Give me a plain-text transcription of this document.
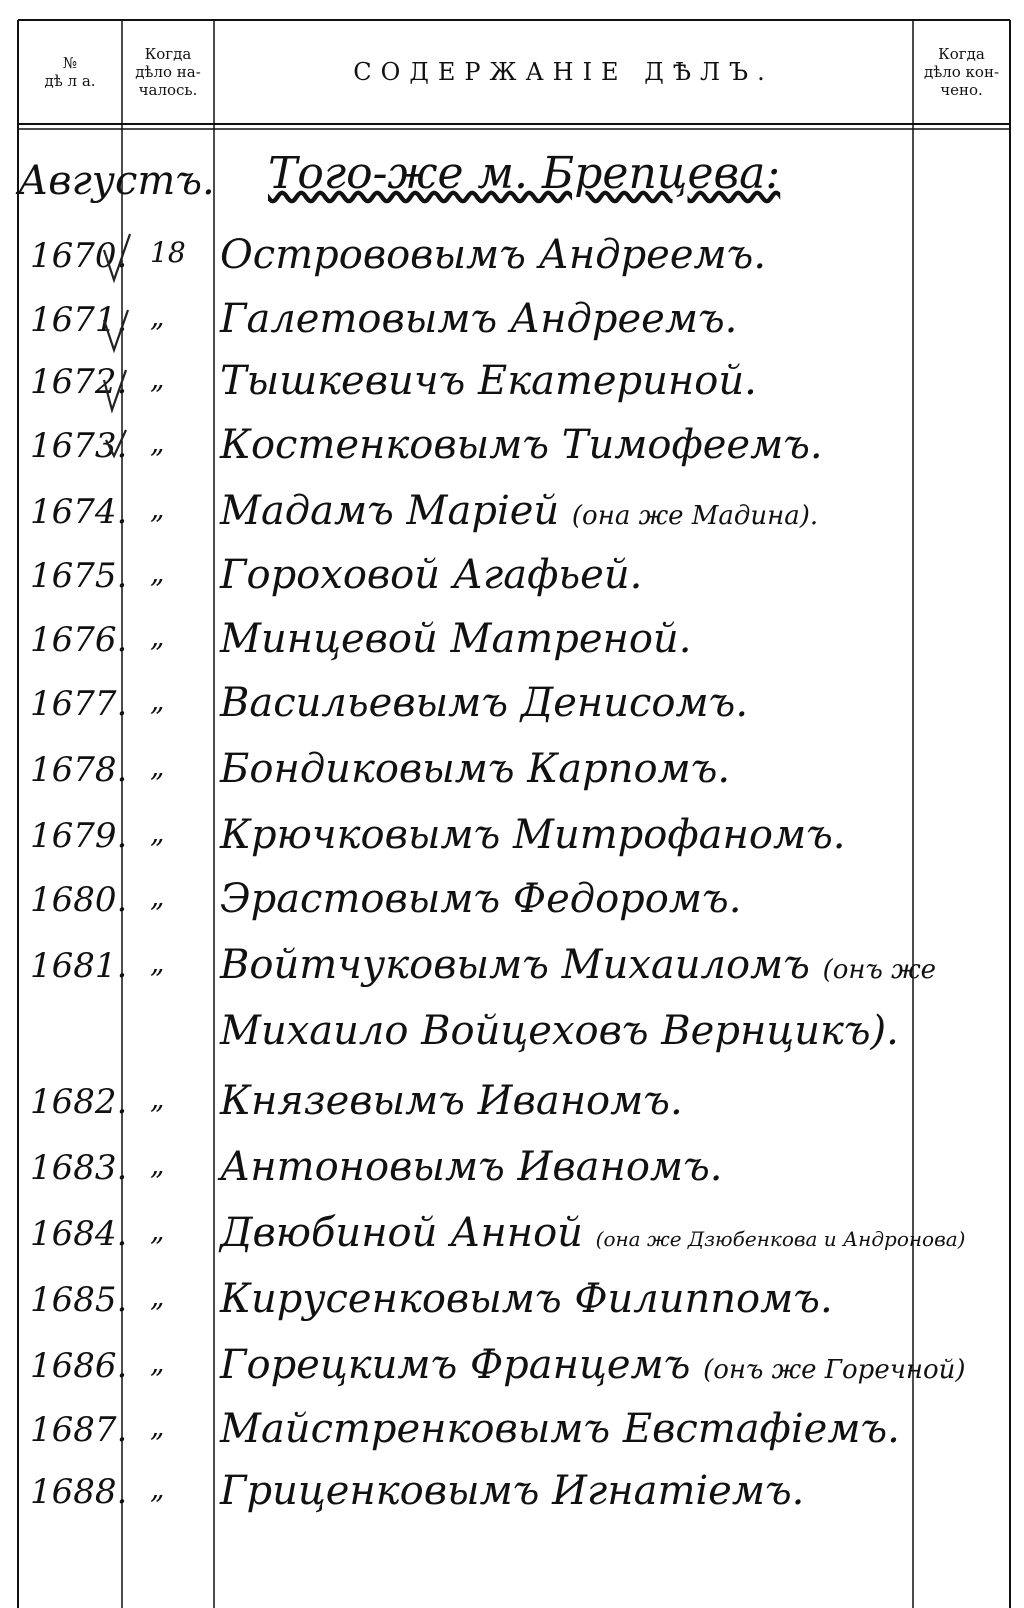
№
дѣ л а.
Когда
дѣло на-
чалось.
СОДЕРЖАНІЕ ДѢЛЪ.
Когда
дѣло кон-
чено.
Августъ. Того-же м. Брепцева:
1670. 18 Острововымъ Андреемъ.
1671. „ Галетовымъ Андреемъ.
1672. „ Тышкевичъ Екатериной.
1673. „ Костенковымъ Тимофеемъ.
1674. „ Мадамъ Маріей (она же Мадина).
1675. „ Гороховой Агафьей.
1676. „ Минцевой Матреной.
1677. „ Васильевымъ Денисомъ.
1678. „ Бондиковымъ Карпомъ.
1679. „ Крючковымъ Митрофаномъ.
1680. „ Эрастовымъ Федоромъ.
1681. „ Войтчуковымъ Михаиломъ (онъ же
Михаило Войцеховъ Вернцикъ).
1682. „ Князевымъ Иваномъ.
1683. „ Антоновымъ Иваномъ.
1684. „ Двюбиной Анной (она же Дзюбенкова и Андронова)
1685. „ Кирусенковымъ Филиппомъ.
1686. „ Горецкимъ Францемъ (онъ же Горечной)
1687. „ Майстренковымъ Евстафіемъ.
1688. „ Гриценковымъ Игнатіемъ.
